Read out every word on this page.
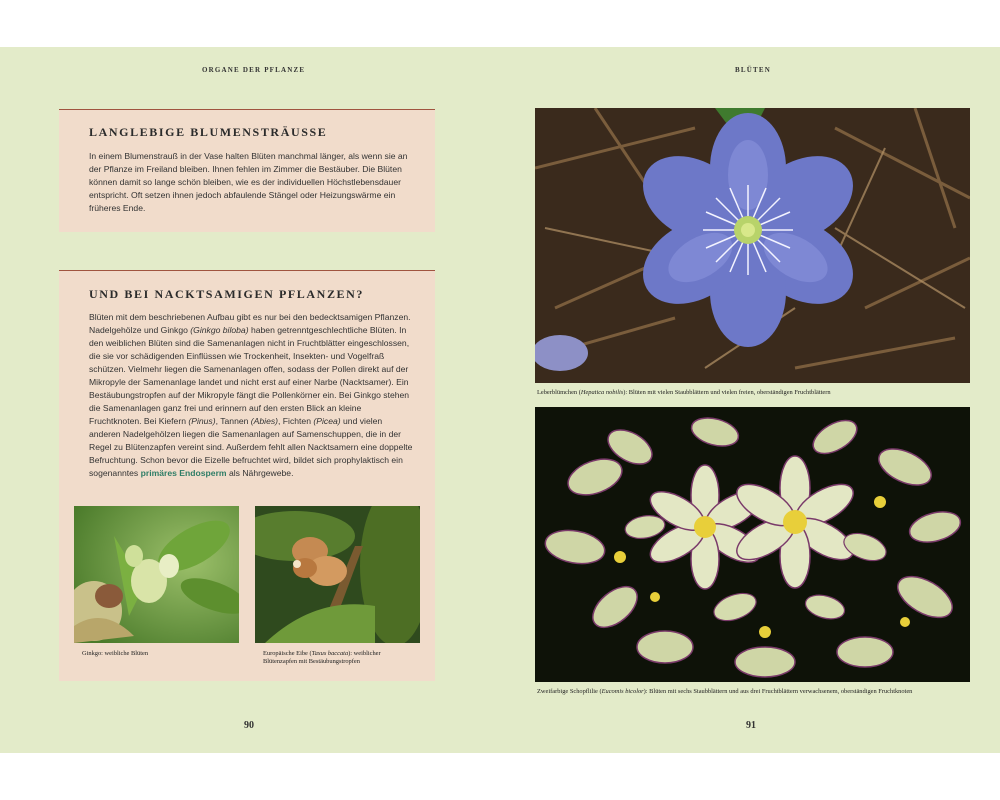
ORGANE DER PFLANZE	BLÜTEN
LANGLEBIGE BLUMENSTRÄUSSE

In einem Blumenstrauß in der Vase halten Blüten manchmal länger, als wenn sie an der Pflanze im Freiland bleiben. Ihnen fehlen im Zimmer die Bestäuber. Die Blüten können damit so lange schön bleiben, wie es der individuellen Höchstlebensdauer entspricht. Oft setzen ihnen jedoch abfaulende Stängel oder Heizungswärme ein früheres Ende.

UND BEI NACKTSAMIGEN PFLANZEN?

Blüten mit dem beschriebenen Aufbau gibt es nur bei den bedecktsamigen Pflanzen. Nadelgehölze und Ginkgo (Ginkgo biloba) haben getrenntgeschlechtliche Blüten. In den weiblichen Blüten sind die Samenanlagen nicht in Fruchtblätter eingeschlossen, die sie vor schädigenden Einflüssen wie Trockenheit, Insekten- und Vogelfraß schützen. Vielmehr liegen die Samenanlagen offen, sodass der Pollen direkt auf der Mikropyle der Samenanlage landet und nicht erst auf einer Narbe (Nacktsamer). Ein Bestäubungstropfen auf der Mikropyle fängt die Pollenkörner ein. Bei Ginkgo stehen die Samenanlagen ganz frei und erinnern auf den ersten Blick an kleine Fruchtknoten. Bei Kiefern (Pinus), Tannen (Abies), Fichten (Picea) und vielen anderen Nadelgehölzen liegen die Samenanlagen auf Samenschuppen, die in der Regel zu Blütenzapfen vereint sind. Außerdem fehlt allen Nacktsamern eine doppelte Befruchtung. Schon bevor die Eizelle befruchtet wird, bildet sich prophylaktisch ein sogenanntes primäres Endosperm als Nährgewebe.

Ginkgo: weibliche Blüten	Europäische Eibe (Taxus baccata): weiblicher Blütenzapfen mit Bestäubungstropfen
Leberblümchen (Hepatica nobilis): Blüten mit vielen Staubblättern und vielen freien, oberständigen Fruchtblättern
Zweifarbige Schopflilie (Eucomis bicolor): Blüten mit sechs Staubblättern und aus drei Fruchtblättern verwachsenem, oberständigen Fruchtknoten
90	91
